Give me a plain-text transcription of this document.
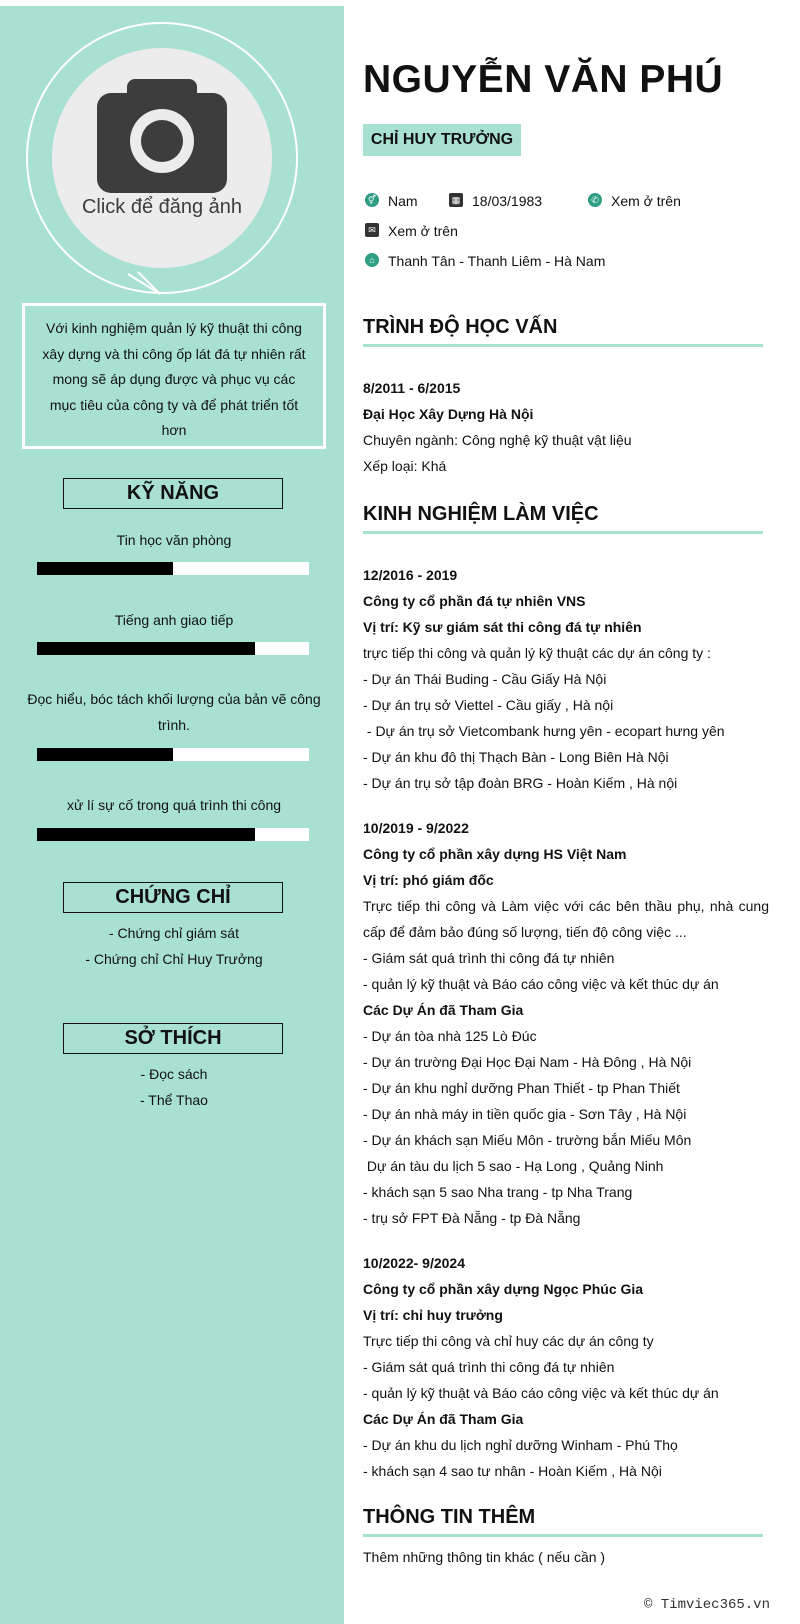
Click để đăng ảnh
Với kinh nghiệm quản lý kỹ thuật thi công xây dựng và thi công ốp lát đá tự nhiên rất mong sẽ áp dụng được và phục vụ các mục tiêu của công ty và để phát triển tốt hơn
KỸ NĂNG
Tin học văn phòng
Tiếng anh giao tiếp
Đọc hiểu, bóc tách khối lượng của bản vẽ công trình.
xử lí sự cố trong quá trình thi công
CHỨNG CHỈ
- Chứng chỉ giám sát
- Chứng chỉ Chỉ Huy Trưởng
SỞ THÍCH
- Đọc sách
- Thể Thao
NGUYỄN VĂN PHÚ
CHỈ HUY TRƯỞNG
⚥ Nam	▦ 18/03/1983	✆ Xem ở trên
✉ Xem ở trên
⌂ Thanh Tân - Thanh Liêm - Hà Nam
TRÌNH ĐỘ HỌC VẤN
8/2011 - 6/2015
Đại Học Xây Dựng Hà Nội
Chuyên ngành: Công nghệ kỹ thuật vật liệu
Xếp loại: Khá
KINH NGHIỆM LÀM VIỆC
12/2016 - 2019
Công ty cổ phần đá tự nhiên VNS
Vị trí: Kỹ sư giám sát thi công đá tự nhiên
trực tiếp thi công và quản lý kỹ thuật các dự án công ty :
- Dự án Thái Buding - Cầu Giấy Hà Nội
- Dự án trụ sở Viettel - Cầu giấy , Hà nội
- Dự án trụ sở Vietcombank hưng yên - ecopart hưng yên
- Dự án khu đô thị Thạch Bàn - Long Biên Hà Nội
- Dự án trụ sở tập đoàn BRG - Hoàn Kiếm , Hà nội
10/2019 - 9/2022
Công ty cổ phần xây dựng HS Việt Nam
Vị trí: phó giám đốc
Trực tiếp thi công và Làm việc với các bên thầu phụ, nhà cung cấp để đảm bảo đúng số lượng, tiến độ công việc ...
- Giám sát quá trình thi công đá tự nhiên
- quản lý kỹ thuật và Báo cáo công việc và kết thúc dự án
Các Dự Án đã Tham Gia
- Dự án tòa nhà 125 Lò Đúc
- Dự án trường Đại Học Đại Nam - Hà Đông , Hà Nội
- Dự án khu nghỉ dưỡng Phan Thiết - tp Phan Thiết
- Dự án nhà máy in tiền quốc gia - Sơn Tây , Hà Nội
- Dự án khách sạn Miếu Môn - trường bắn Miếu Môn
Dự án tàu du lịch 5 sao - Hạ Long , Quảng Ninh
- khách sạn 5 sao Nha trang - tp Nha Trang
- trụ sở FPT Đà Nẵng - tp Đà Nẵng
10/2022- 9/2024
Công ty cổ phần xây dựng Ngọc Phúc Gia
Vị trí: chỉ huy trưởng
Trực tiếp thi công và chỉ huy các dự án công ty
- Giám sát quá trình thi công đá tự nhiên
- quản lý kỹ thuật và Báo cáo công việc và kết thúc dự án
Các Dự Án đã Tham Gia
- Dự án khu du lịch nghỉ dưỡng Winham - Phú Thọ
- khách sạn 4 sao tư nhân - Hoàn Kiếm , Hà Nội
THÔNG TIN THÊM
Thêm những thông tin khác ( nếu cần )
© Timviec365.vn
